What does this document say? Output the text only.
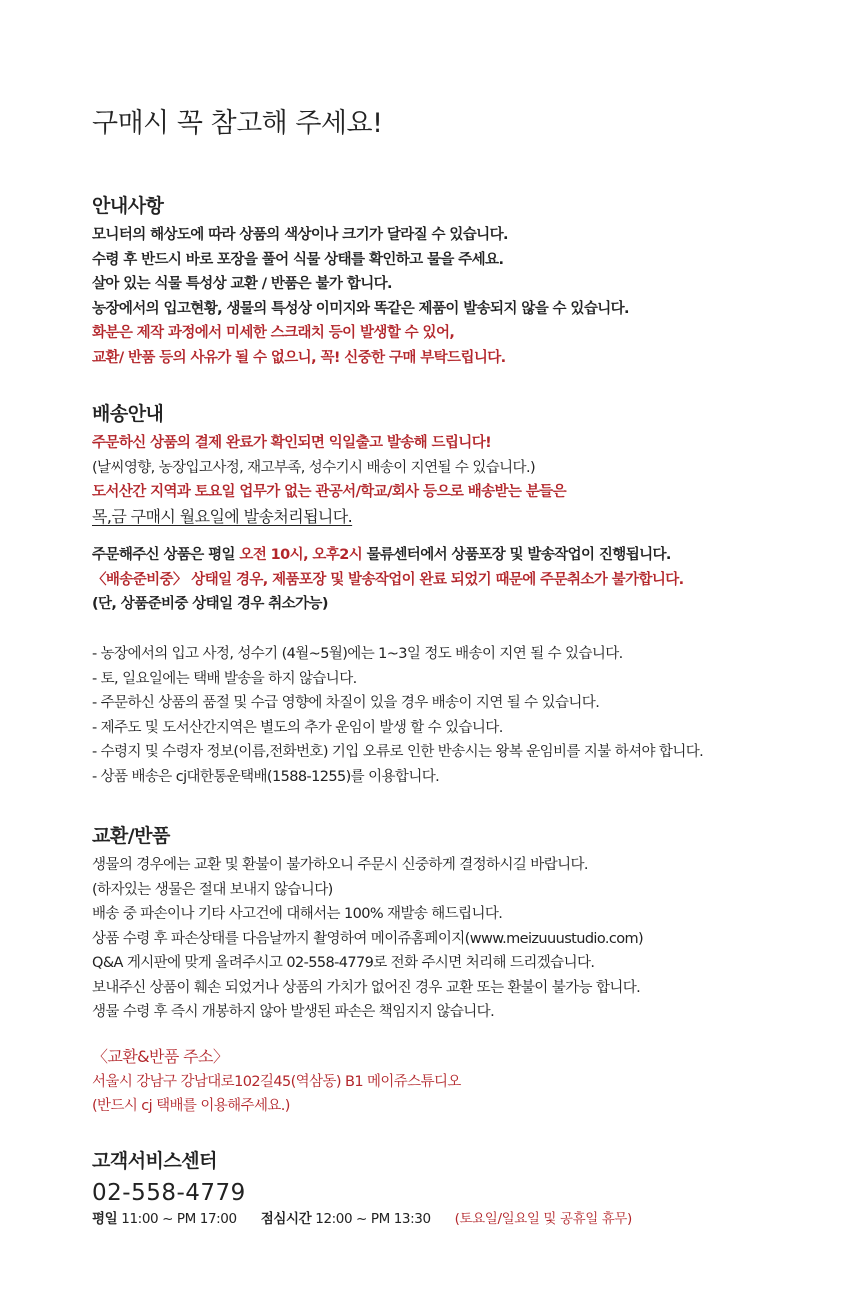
구매시 꼭 참고해 주세요!
안내사항
모니터의 해상도에 따라 상품의 색상이나 크기가 달라질 수 있습니다.
수령 후 반드시 바로 포장을 풀어 식물 상태를 확인하고 물을 주세요.
살아 있는 식물 특성상 교환 / 반품은 불가 합니다.
농장에서의 입고현황, 생물의 특성상 이미지와 똑같은 제품이 발송되지 않을 수 있습니다.
화분은 제작 과정에서 미세한 스크래치 등이 발생할 수 있어,
교환/ 반품 등의 사유가 될 수 없으니, 꼭! 신중한 구매 부탁드립니다.
배송안내
주문하신 상품의 결제 완료가 확인되면 익일출고 발송해 드립니다!
(날씨영향, 농장입고사정, 재고부족, 성수기시 배송이 지연될 수 있습니다.)
도서산간 지역과 토요일 업무가 없는 관공서/학교/회사 등으로 배송받는 분들은
목,금 구매시 월요일에 발송처리됩니다.
주문해주신 상품은 평일 오전 10시, 오후2시 물류센터에서 상품포장 및 발송작업이 진행됩니다.
〈배송준비중〉 상태일 경우, 제품포장 및 발송작업이 완료 되었기 때문에 주문취소가 불가합니다.
(단, 상품준비중 상태일 경우 취소가능)
- 농장에서의 입고 사정, 성수기 (4월~5월)에는 1~3일 정도 배송이 지연 될 수 있습니다.
- 토, 일요일에는 택배 발송을 하지 않습니다.
- 주문하신 상품의 품절 및 수급 영향에 차질이 있을 경우 배송이 지연 될 수 있습니다.
- 제주도 및 도서산간지역은 별도의 추가 운임이 발생 할 수 있습니다.
- 수령지 및 수령자 정보(이름,전화번호) 기입 오류로 인한 반송시는 왕복 운임비를 지불 하셔야 합니다.
- 상품 배송은 cj대한통운택배(1588-1255)를 이용합니다.
교환/반품
생물의 경우에는 교환 및 환불이 불가하오니 주문시 신중하게 결정하시길 바랍니다.
(하자있는 생물은 절대 보내지 않습니다)
배송 중 파손이나 기타 사고건에 대해서는 100% 재발송 해드립니다.
상품 수령 후 파손상태를 다음날까지 촬영하여 메이쥬홈페이지(www.meizuuustudio.com)
Q&A 게시판에 맞게 올려주시고 02-558-4779로 전화 주시면 처리해 드리겠습니다.
보내주신 상품이 훼손 되었거나 상품의 가치가 없어진 경우 교환 또는 환불이 불가능 합니다.
생물 수령 후 즉시 개봉하지 않아 발생된 파손은 책임지지 않습니다.
〈교환&반품 주소〉
서울시 강남구 강남대로102길45(역삼동) B1 메이쥬스튜디오
(반드시 cj 택배를 이용해주세요.)
고객서비스센터
02-558-4779
평일 11:00 ~ PM 17:00 점심시간 12:00 ~ PM 13:30 (토요일/일요일 및 공휴일 휴무)
